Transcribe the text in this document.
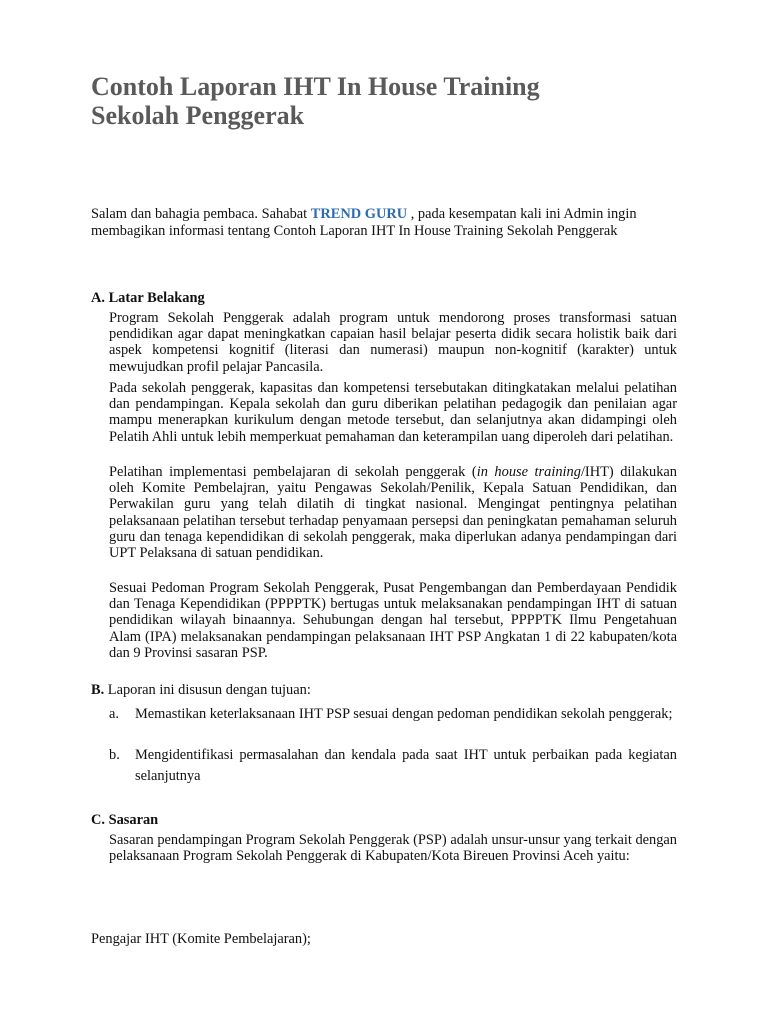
Contoh Laporan IHT In House Training
Sekolah Penggerak

Salam dan bahagia pembaca. Sahabat TREND GURU , pada kesempatan kali ini Admin ingin membagikan informasi tentang Contoh Laporan IHT In House Training Sekolah Penggerak

A. Latar Belakang

Program Sekolah Penggerak adalah program untuk mendorong proses transformasi satuan pendidikan agar dapat meningkatkan capaian hasil belajar peserta didik secara holistik baik dari aspek kompetensi kognitif (literasi dan numerasi) maupun non-kognitif (karakter) untuk mewujudkan profil pelajar Pancasila.

Pada sekolah penggerak, kapasitas dan kompetensi tersebutakan ditingkatakan melalui pelatihan dan pendampingan. Kepala sekolah dan guru diberikan pelatihan pedagogik dan penilaian agar mampu menerapkan kurikulum dengan metode tersebut, dan selanjutnya akan didampingi oleh Pelatih Ahli untuk lebih memperkuat pemahaman dan keterampilan uang diperoleh dari pelatihan.

Pelatihan implementasi pembelajaran di sekolah penggerak (in house training/IHT) dilakukan oleh Komite Pembelajran, yaitu Pengawas Sekolah/Penilik, Kepala Satuan Pendidikan, dan Perwakilan guru yang telah dilatih di tingkat nasional. Mengingat pentingnya pelatihan pelaksanaan pelatihan tersebut terhadap penyamaan persepsi dan peningkatan pemahaman seluruh guru dan tenaga kependidikan di sekolah penggerak, maka diperlukan adanya pendampingan dari UPT Pelaksana di satuan pendidikan.

Sesuai Pedoman Program Sekolah Penggerak, Pusat Pengembangan dan Pemberdayaan Pendidik dan Tenaga Kependidikan (PPPPTK) bertugas untuk melaksanakan pendampingan IHT di satuan pendidikan wilayah binaannya. Sehubungan dengan hal tersebut, PPPPTK Ilmu Pengetahuan Alam (IPA) melaksanakan pendampingan pelaksanaan IHT PSP Angkatan 1 di 22 kabupaten/kota dan 9 Provinsi sasaran PSP.

B. Laporan ini disusun dengan tujuan:

a. Memastikan keterlaksanaan IHT PSP sesuai dengan pedoman pendidikan sekolah penggerak;
b. Mengidentifikasi permasalahan dan kendala pada saat IHT untuk perbaikan pada kegiatan selanjutnya
C. Sasaran

Sasaran pendampingan Program Sekolah Penggerak (PSP) adalah unsur-unsur yang terkait dengan pelaksanaan Program Sekolah Penggerak di Kabupaten/Kota Bireuen Provinsi Aceh yaitu:

Pengajar IHT (Komite Pembelajaran);
